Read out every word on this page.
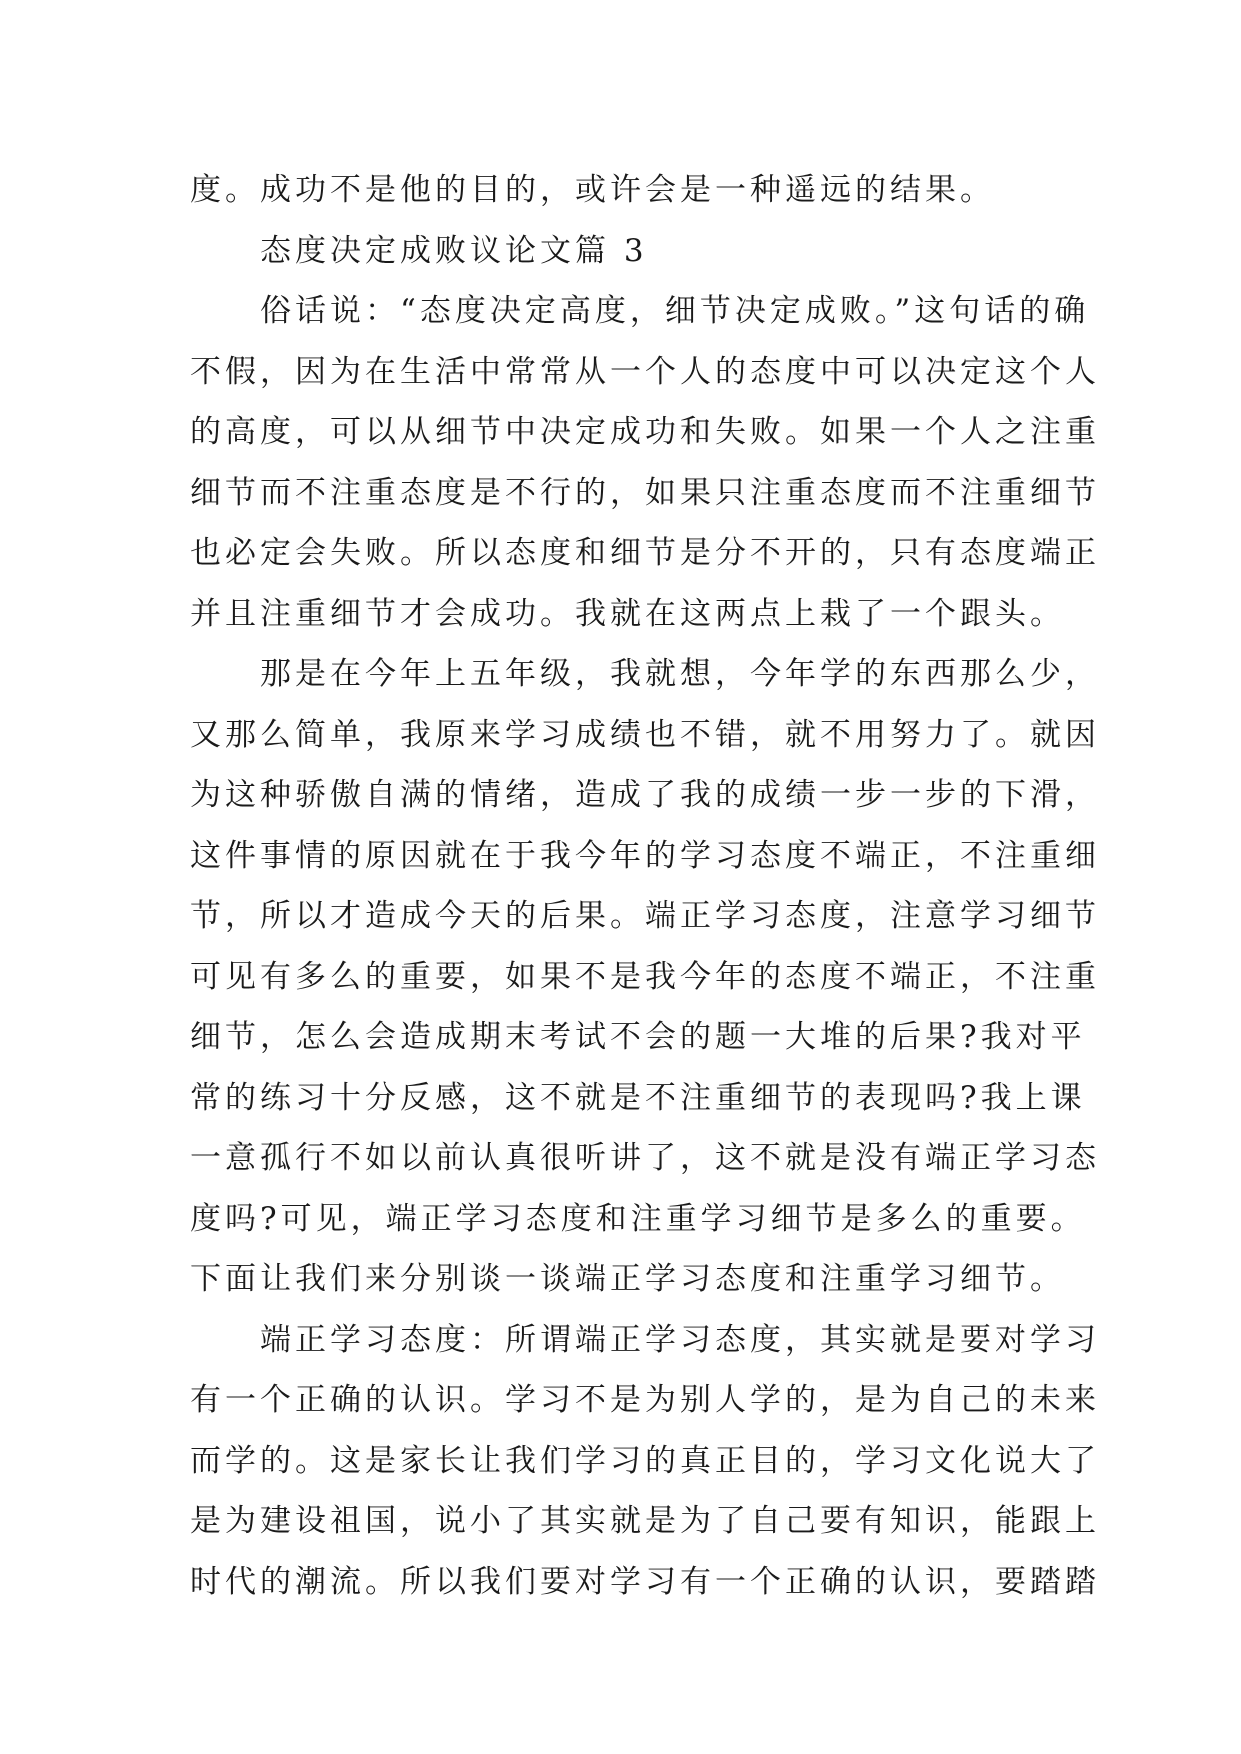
度。成功不是他的目的，或许会是一种遥远的结果。
态度决定成败议论文篇 3
俗话说：“态度决定高度，细节决定成败。”这句话的确
不假，因为在生活中常常从一个人的态度中可以决定这个人
的高度，可以从细节中决定成功和失败。如果一个人之注重
细节而不注重态度是不行的，如果只注重态度而不注重细节
也必定会失败。所以态度和细节是分不开的，只有态度端正
并且注重细节才会成功。我就在这两点上栽了一个跟头。
那是在今年上五年级，我就想，今年学的东西那么少，
又那么简单，我原来学习成绩也不错，就不用努力了。就因
为这种骄傲自满的情绪，造成了我的成绩一步一步的下滑，
这件事情的原因就在于我今年的学习态度不端正，不注重细
节，所以才造成今天的后果。端正学习态度，注意学习细节
可见有多么的重要，如果不是我今年的态度不端正，不注重
细节，怎么会造成期末考试不会的题一大堆的后果?我对平
常的练习十分反感，这不就是不注重细节的表现吗?我上课
一意孤行不如以前认真很听讲了，这不就是没有端正学习态
度吗?可见，端正学习态度和注重学习细节是多么的重要。
下面让我们来分别谈一谈端正学习态度和注重学习细节。
端正学习态度：所谓端正学习态度，其实就是要对学习
有一个正确的认识。学习不是为别人学的，是为自己的未来
而学的。这是家长让我们学习的真正目的，学习文化说大了
是为建设祖国，说小了其实就是为了自己要有知识，能跟上
时代的潮流。所以我们要对学习有一个正确的认识，要踏踏
